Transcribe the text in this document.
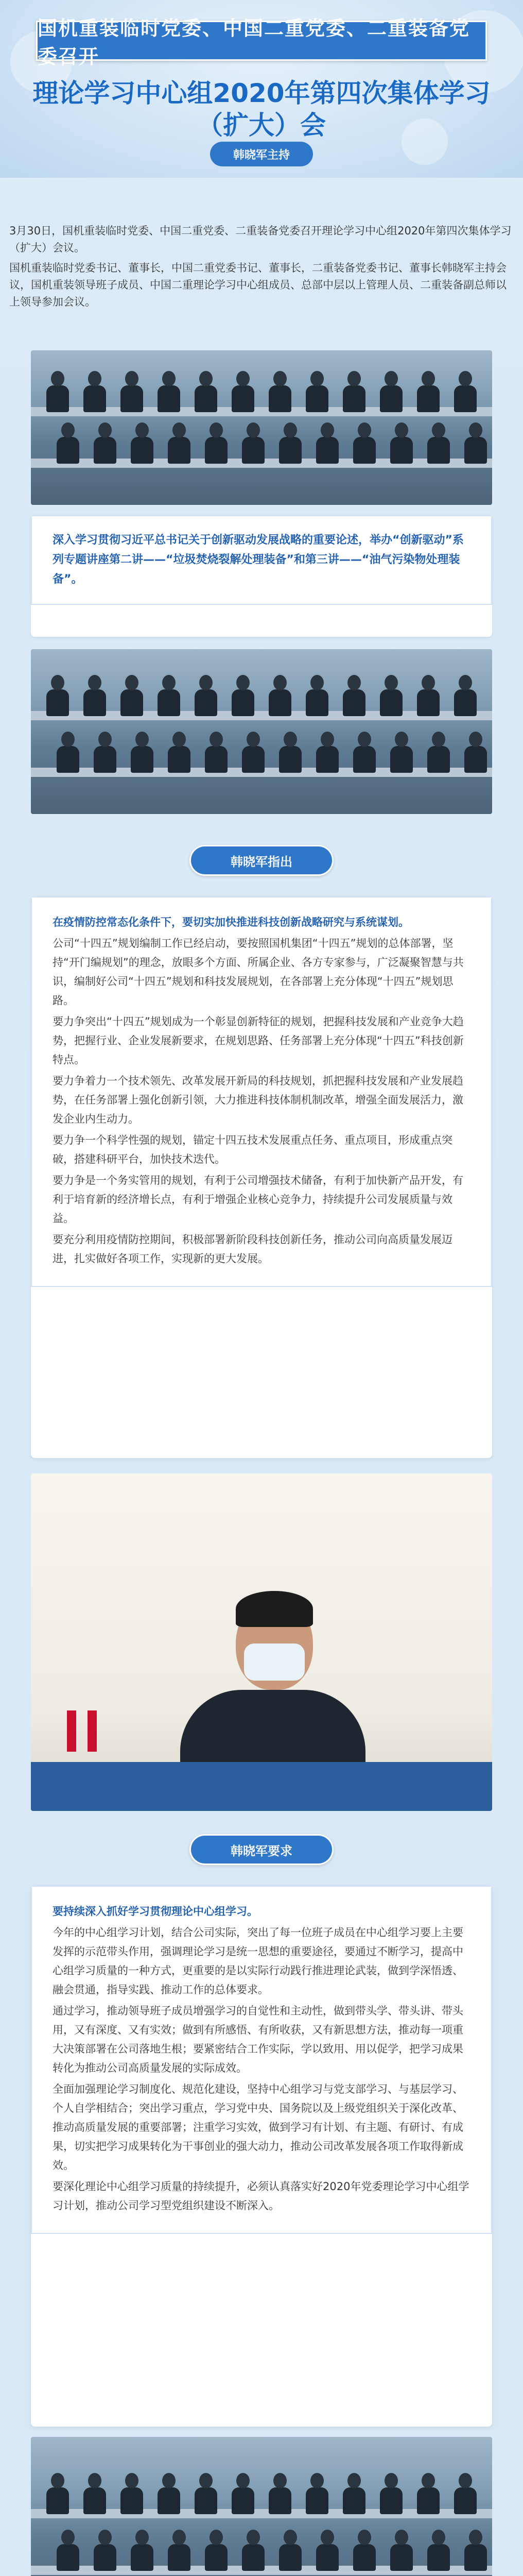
国机重装临时党委、中国二重党委、二重装备党委召开
理论学习中心组2020年第四次集体学习（扩大）会
韩晓军主持

3月30日，国机重装临时党委、中国二重党委、二重装备党委召开理论学习中心组2020年第四次集体学习（扩大）会议。

国机重装临时党委书记、董事长，中国二重党委书记、董事长，二重装备党委书记、董事长韩晓军主持会议，国机重装领导班子成员、中国二重理论学习中心组成员、总部中层以上管理人员、二重装备副总师以上领导参加会议。

深入学习贯彻习近平总书记关于创新驱动发展战略的重要论述，举办“创新驱动”系列专题讲座第二讲——“垃圾焚烧裂解处理装备”和第三讲——“油气污染物处理装备”。
韩晓军指出

在疫情防控常态化条件下，要切实加快推进科技创新战略研究与系统谋划。

公司“十四五”规划编制工作已经启动，要按照国机集团“十四五”规划的总体部署，坚持“开门编规划”的理念，放眼多个方面、所属企业、各方专家参与，广泛凝聚智慧与共识，编制好公司“十四五”规划和科技发展规划，在各部署上充分体现“十四五”规划思路。

要力争突出“十四五”规划成为一个彰显创新特征的规划，把握科技发展和产业竞争大趋势，把握行业、企业发展新要求，在规划思路、任务部署上充分体现“十四五”科技创新特点。

要力争着力一个技术领先、改革发展开新局的科技规划，抓把握科技发展和产业发展趋势，在任务部署上强化创新引领，大力推进科技体制机制改革，增强全面发展活力，激发企业内生动力。

要力争一个科学性强的规划，锚定十四五技术发展重点任务、重点项目，形成重点突破，搭建科研平台，加快技术迭代。

要力争是一个务实管用的规划，有利于公司增强技术储备，有利于加快新产品开发，有利于培育新的经济增长点，有利于增强企业核心竞争力，持续提升公司发展质量与效益。

要充分利用疫情防控期间，积极部署新阶段科技创新任务，推动公司向高质量发展迈进，扎实做好各项工作，实现新的更大发展。

韩晓军要求

要持续深入抓好学习贯彻理论中心组学习。

今年的中心组学习计划，结合公司实际，突出了每一位班子成员在中心组学习要上主要发挥的示范带头作用，强调理论学习是统一思想的重要途径，要通过不断学习，提高中心组学习质量的一种方式，更重要的是以实际行动践行推进理论武装，做到学深悟透、融会贯通，指导实践、推动工作的总体要求。

通过学习，推动领导班子成员增强学习的自觉性和主动性，做到带头学、带头讲、带头用，又有深度、又有实效；做到有所感悟、有所收获，又有新思想方法，推动每一项重大决策部署在公司落地生根；要紧密结合工作实际，学以致用、用以促学，把学习成果转化为推动公司高质量发展的实际成效。

全面加强理论学习制度化、规范化建设，坚持中心组学习与党支部学习、与基层学习、个人自学相结合；突出学习重点，学习党中央、国务院以及上级党组织关于深化改革、推动高质量发展的重要部署；注重学习实效，做到学习有计划、有主题、有研讨、有成果，切实把学习成果转化为干事创业的强大动力，推动公司改革发展各项工作取得新成效。

要深化理论中心组学习质量的持续提升，必须认真落实好2020年党委理论学习中心组学习计划，推动公司学习型党组织建设不断深入。
